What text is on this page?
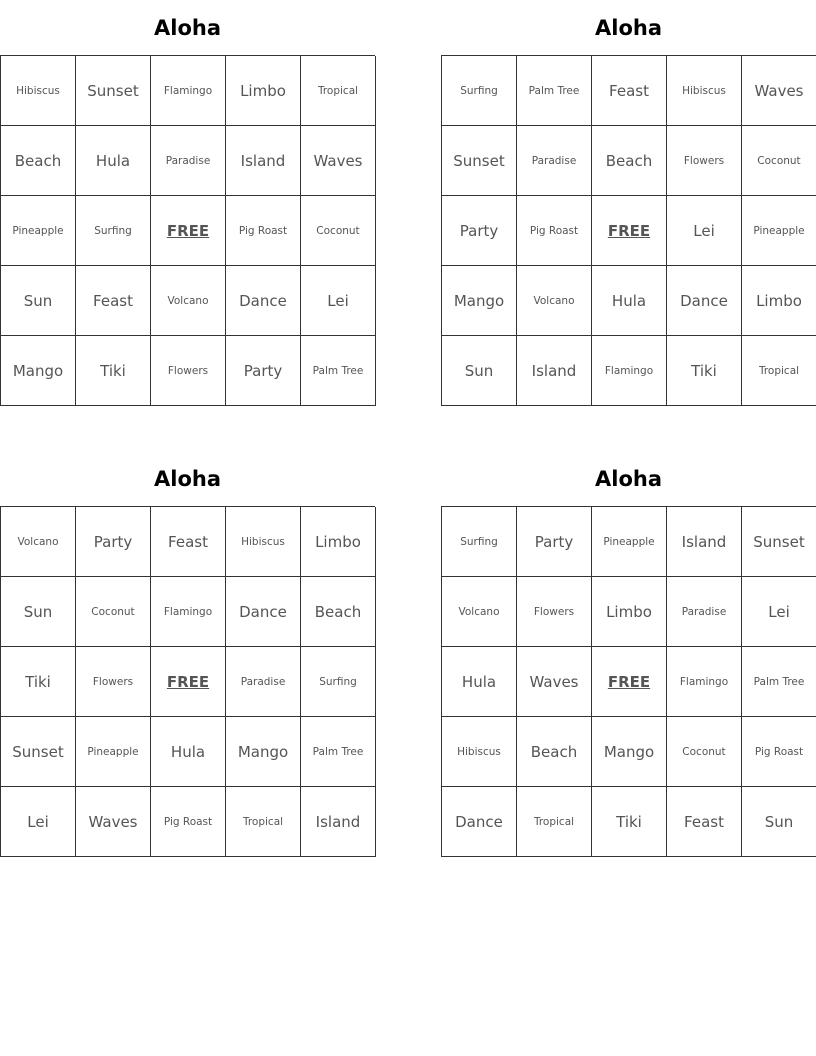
Aloha
Hibiscus	Sunset	Flamingo	Limbo	Tropical
Beach	Hula	Paradise	Island	Waves
Pineapple	Surfing	FREE	Pig Roast	Coconut
Sun	Feast	Volcano	Dance	Lei
Mango	Tiki	Flowers	Party	Palm Tree
Aloha
Surfing	Palm Tree	Feast	Hibiscus	Waves
Sunset	Paradise	Beach	Flowers	Coconut
Party	Pig Roast	FREE	Lei	Pineapple
Mango	Volcano	Hula	Dance	Limbo
Sun	Island	Flamingo	Tiki	Tropical
Aloha
Volcano	Party	Feast	Hibiscus	Limbo
Sun	Coconut	Flamingo	Dance	Beach
Tiki	Flowers	FREE	Paradise	Surfing
Sunset	Pineapple	Hula	Mango	Palm Tree
Lei	Waves	Pig Roast	Tropical	Island
Aloha
Surfing	Party	Pineapple	Island	Sunset
Volcano	Flowers	Limbo	Paradise	Lei
Hula	Waves	FREE	Flamingo	Palm Tree
Hibiscus	Beach	Mango	Coconut	Pig Roast
Dance	Tropical	Tiki	Feast	Sun
